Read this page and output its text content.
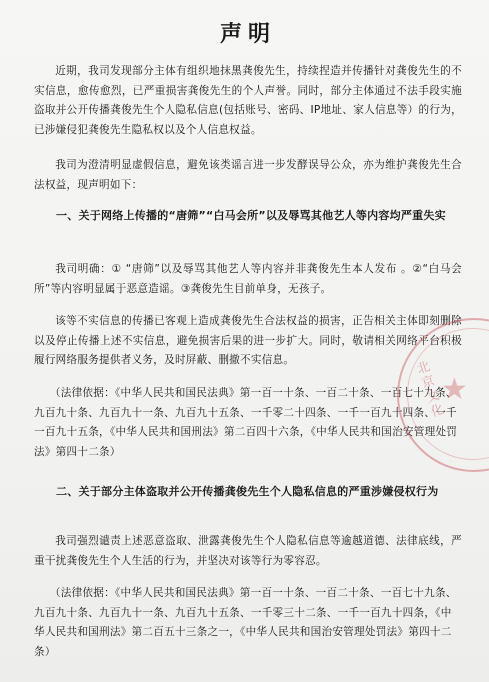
声明

近期，我司发现部分主体有组织地抹黑龚俊先生，持续捏造并传播针对龚俊先生的不实信息，愈传愈烈，已严重损害龚俊先生的个人声誉。同时，部分主体通过不法手段实施盗取并公开传播龚俊先生个人隐私信息(包括账号、密码、IP地址、家人信息等）的行为，已涉嫌侵犯龚俊先生隐私权以及个人信息权益。

我司为澄清明显虚假信息，避免该类谣言进一步发酵误导公众，亦为维护龚俊先生合法权益，现声明如下：

一、关于网络上传播的“唐筛”“白马会所”以及辱骂其他艺人等内容均严重失实

我司明确：① “唐筛”以及辱骂其他艺人等内容并非龚俊先生本人发布 。②“白马会所”等内容明显属于恶意造谣。③龚俊先生目前单身，无孩子。

该等不实信息的传播已客观上造成龚俊先生合法权益的损害，正告相关主体即刻删除以及停止传播上述不实信息，避免损害后果的进一步扩大。同时，敬请相关网络平台积极履行网络服务提供者义务，及时屏蔽、删撤不实信息。

（法律依据：《中华人民共和国民法典》第一百一十条、一百二十条、一百七十九条、九百九十条、九百九十一条、九百九十五条、一千零二十四条、一千一百九十四条、一千一百九十五条，《中华人民共和国刑法》第二百四十六条，《中华人民共和国治安管理处罚法》第四十二条）

二、关于部分主体盗取并公开传播龚俊先生个人隐私信息的严重涉嫌侵权行为

我司强烈谴责上述恶意盗取、泄露龚俊先生个人隐私信息等逾越道德、法律底线，严重干扰龚俊先生个人生活的行为，并坚决对该等行为零容忍。

（法律依据：《中华人民共和国民法典》第一百一十条、一百二十条、一百七十九条、九百九十条、九百九十一条、九百九十五条、一千零三十二条、一千一百九十四条，《中华人民共和国刑法》第二百五十三条之一，《中华人民共和国治安管理处罚法》第四十二条）

★
北京文化
